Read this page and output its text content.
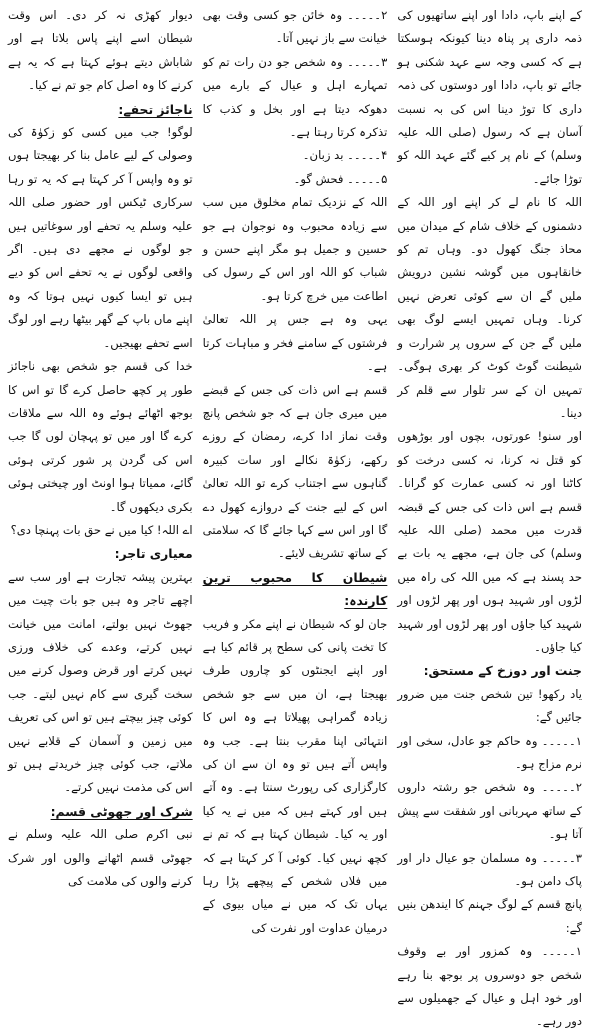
کے اپنے باپ، دادا اور اپنے ساتھیوں کی ذمہ داری پر پناہ دینا کیونکہ ہوسکتا ہے کہ کسی وجہ سے عہد شکنی ہو جائے تو باپ، دادا اور دوستوں کی ذمہ داری کا توڑ دینا اس کی بہ نسبت آسان ہے کہ رسول (صلی اللہ علیہ وسلم) کے نام پر کیے گئے عہد اللہ کو توڑا جائے۔

اللہ کا نام لے کر اپنے اور اللہ کے دشمنوں کے خلاف شام کے میدان میں محاذ جنگ کھول دو۔ وہاں تم کو خانقاہوں میں گوشہ نشین درویش ملیں گے ان سے کوئی تعرض نہیں کرنا۔ وہاں تمہیں ایسے لوگ بھی ملیں گے جن کے سروں پر شرارت و شیطنت گوٹ کوٹ کر بھری ہوگی۔ تمہیں ان کے سر تلوار سے قلم کر دینا۔

اور سنو! عورتوں، بچوں اور بوڑھوں کو قتل نہ کرنا، نہ کسی درخت کو کاٹنا اور نہ کسی عمارت کو گرانا۔ قسم ہے اس ذات کی جس کے قبضہ قدرت میں محمد (صلی اللہ علیہ وسلم) کی جان ہے، مجھے یہ بات بے حد پسند ہے کہ میں اللہ کی راہ میں لڑوں اور شہید ہوں اور پھر لڑوں اور شہید کیا جاؤں اور پھر لڑوں اور شہید کیا جاؤں۔

جنت اور دوزخ کے مستحق:

یاد رکھو! تین شخص جنت میں ضرور جائیں گے:

۱۔۔۔۔۔ وہ حاکم جو عادل، سخی اور نرم مزاج ہو۔

۲۔۔۔۔۔ وہ شخص جو رشتہ داروں کے ساتھ مہربانی اور شفقت سے پیش آتا ہو۔

۳۔۔۔۔۔ وہ مسلمان جو عیال دار اور پاک دامن ہو۔

پانچ قسم کے لوگ جہنم کا ایندھن بنیں گے:

۱۔۔۔۔۔ وہ کمزور اور بے وقوف شخص جو دوسروں پر بوجھ بنا رہے اور خود اہل و عیال کے جھمیلوں سے دور رہے۔

۲۔۔۔۔۔ وہ خائن جو کسی وقت بھی خیانت سے باز نہیں آتا۔

۳۔۔۔۔۔ وہ شخص جو دن رات تم کو تمہارے اہل و عیال کے بارے میں دھوکہ دیتا ہے اور بخل و کذب کا تذکرہ کرتا رہتا ہے۔

۴۔۔۔۔۔ بد زبان۔

۵۔۔۔۔۔ فحش گو۔

اللہ کے نزدیک تمام مخلوق میں سب سے زیادہ محبوب وہ نوجوان ہے جو حسین و جمیل ہو مگر اپنے حسن و شباب کو اللہ اور اس کے رسول کی اطاعت میں خرچ کرتا ہو۔

یہی وہ ہے جس پر اللہ تعالیٰ فرشتوں کے سامنے فخر و مباہات کرتا ہے۔

قسم ہے اس ذات کی جس کے قبضے میں میری جان ہے کہ جو شخص پانچ وقت نماز ادا کرے، رمضان کے روزے رکھے، زکوٰۃ نکالے اور سات کبیرہ گناہوں سے اجتناب کرے تو اللہ تعالیٰ اس کے لیے جنت کے دروازے کھول دے گا اور اس سے کہا جائے گا کہ سلامتی کے ساتھ تشریف لایئے۔

شیطان کا محبوب ترین کارندہ:

جان لو کہ شیطان نے اپنے مکر و فریب کا تخت پانی کی سطح پر قائم کیا ہے اور اپنے ایجنٹوں کو چاروں طرف بھیجتا ہے، ان میں سے جو شخص زیادہ گمراہی پھیلاتا ہے وہ اس کا انتہائی اپنا مقرب بنتا ہے۔ جب وہ واپس آتے ہیں تو وہ ان سے ان کی کارگزاری کی رپورٹ سنتا ہے۔ وہ آتے ہیں اور کہتے ہیں کہ میں نے یہ کیا اور یہ کیا۔ شیطان کہتا ہے کہ تم نے کچھ نہیں کیا۔ کوئی آ کر کہتا ہے کہ میں فلاں شخص کے پیچھے پڑا رہا یہاں تک کہ میں نے میاں بیوی کے درمیان عداوت اور نفرت کی

دیوار کھڑی نہ کر دی۔ اس وقت شیطان اسے اپنے پاس بلاتا ہے اور شاباش دیتے ہوئے کہتا ہے کہ یہ ہے کرنے کا وہ اصل کام جو تم نے کیا۔

ناجائز تحفے:

لوگو! جب میں کسی کو زکوٰۃ کی وصولی کے لیے عامل بنا کر بھیجتا ہوں تو وہ واپس آ کر کہتا ہے کہ یہ تو رہا سرکاری ٹیکس اور حضور صلی اللہ علیہ وسلم یہ تحفے اور سوغاتیں ہیں جو لوگوں نے مجھے دی ہیں۔ اگر واقعی لوگوں نے یہ تحفے اس کو دیے ہیں تو ایسا کیوں نہیں ہوتا کہ وہ اپنے ماں باپ کے گھر بیٹھا رہے اور لوگ اسے تحفے بھیجیں۔

خدا کی قسم جو شخص بھی ناجائز طور پر کچھ حاصل کرے گا تو اس کا بوجھ اٹھائے ہوئے وہ اللہ سے ملاقات کرے گا اور میں تو پہچان لوں گا جب اس کی گردن پر شور کرتی ہوئی گائے، ممیاتا ہوا اونٹ اور چیختی ہوئی بکری دیکھوں گا۔

اے اللہ! کیا میں نے حق بات پہنچا دی؟

معیاری تاجر:

بہترین پیشہ تجارت ہے اور سب سے اچھے تاجر وہ ہیں جو بات چیت میں جھوٹ نہیں بولتے، امانت میں خیانت نہیں کرتے، وعدے کی خلاف ورزی نہیں کرتے اور قرض وصول کرنے میں سخت گیری سے کام نہیں لیتے۔ جب کوئی چیز بیچتے ہیں تو اس کی تعریف میں زمین و آسمان کے قلابے نہیں ملاتے، جب کوئی چیز خریدتے ہیں تو اس کی مذمت نہیں کرتے۔

شرک اور جھوٹی قسم:

نبی اکرم صلی اللہ علیہ وسلم نے جھوٹی قسم اٹھانے والوں اور شرک کرنے والوں کی ملامت کی
